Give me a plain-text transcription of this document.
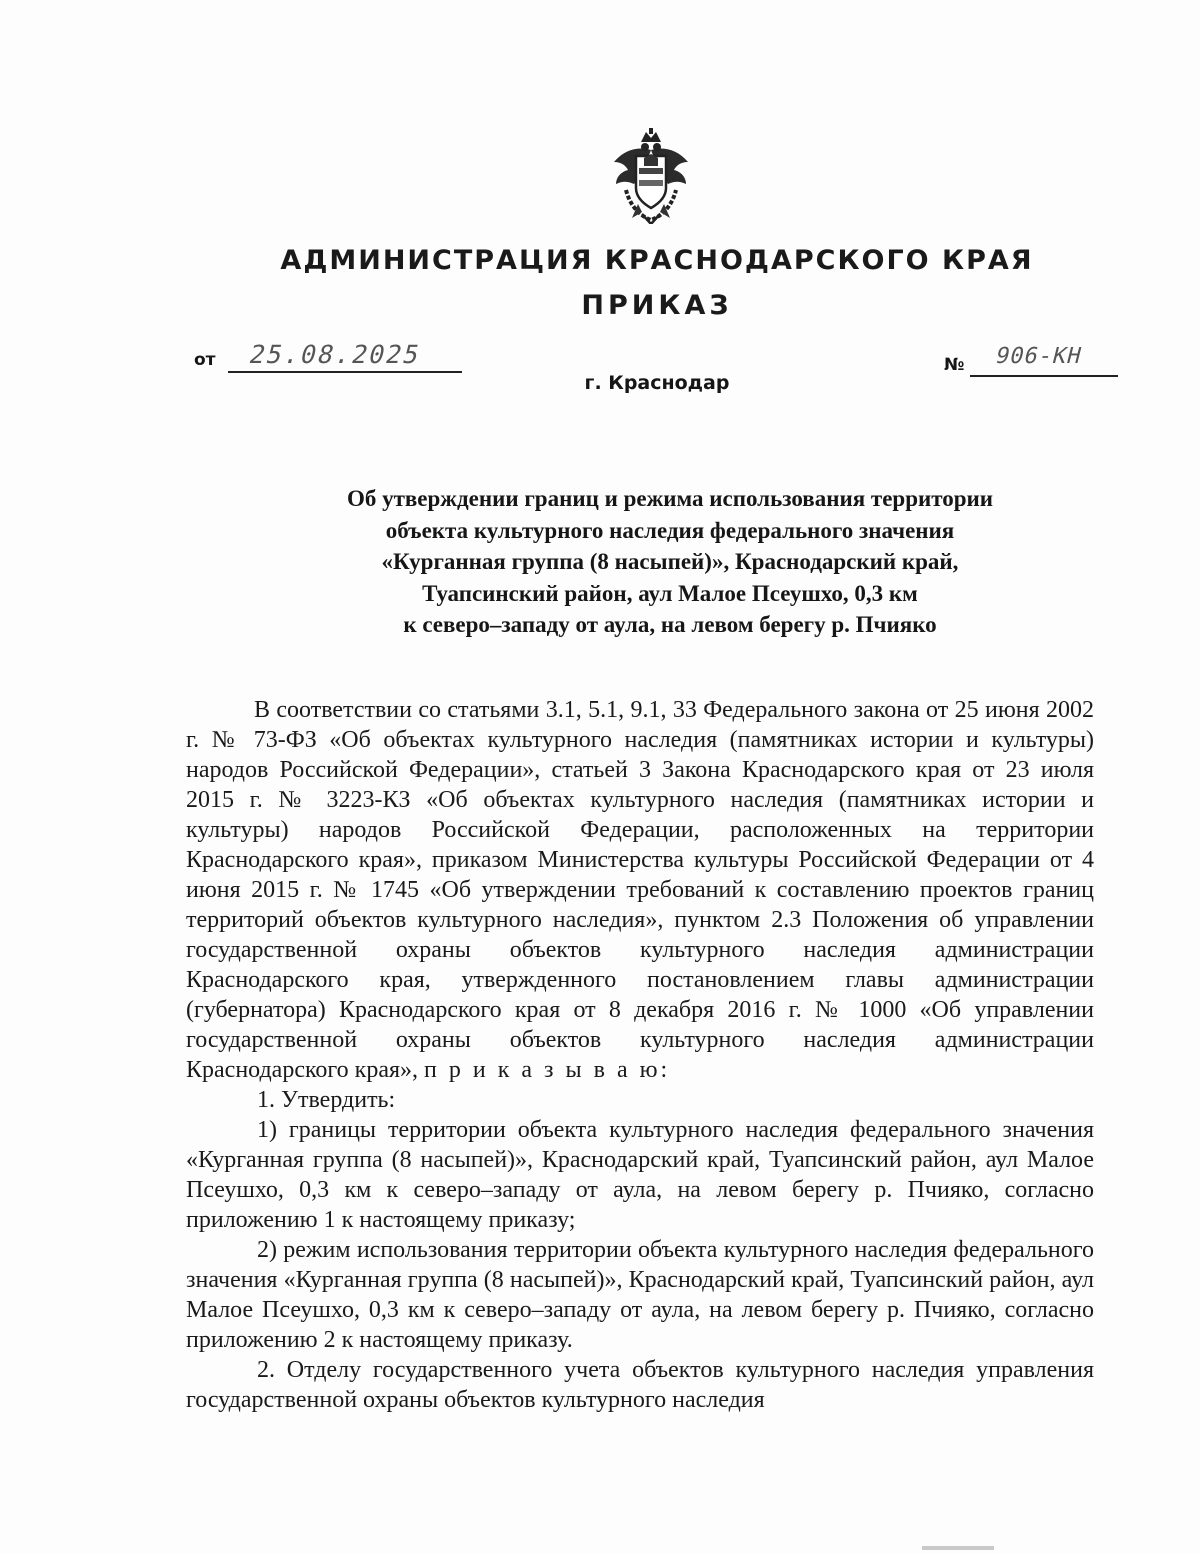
АДМИНИСТРАЦИЯ КРАСНОДАРСКОГО КРАЯ
ПРИКАЗ
от 25.08.2025	№ 906-КН
г. Краснодар
Об утверждении границ и режима использования территории
объекта культурного наследия федерального значения
«Курганная группа (8 насыпей)», Краснодарский край,
Туапсинский район, аул Малое Псеушхо, 0,3 км
к северо–западу от аула, на левом берегу р. Пчияко

В соответствии со статьями 3.1, 5.1, 9.1, 33 Федерального закона от 25 июня 2002 г. № 73-ФЗ «Об объектах культурного наследия (памятниках истории и культуры) народов Российской Федерации», статьей 3 Закона Краснодарского края от 23 июля 2015 г. № 3223-КЗ «Об объектах культурного наследия (памятниках истории и культуры) народов Российской Федерации, расположенных на территории Краснодарского края», приказом Министерства культуры Российской Федерации от 4 июня 2015 г. № 1745 «Об утверждении требований к составлению проектов границ территорий объектов культурного наследия», пунктом 2.3 Положения об управлении государственной охраны объектов культурного наследия администрации Краснодарского края, утвержденного постановлением главы администрации (губернатора) Краснодарского края от 8 декабря 2016 г. № 1000 «Об управлении государственной охраны объектов культурного наследия администрации Краснодарского края», п р и к а з ы в а ю:

1. Утвердить:

1) границы территории объекта культурного наследия федерального значения «Курганная группа (8 насыпей)», Краснодарский край, Туапсинский район, аул Малое Псеушхо, 0,3 км к северо–западу от аула, на левом берегу р. Пчияко, согласно приложению 1 к настоящему приказу;

2) режим использования территории объекта культурного наследия федерального значения «Курганная группа (8 насыпей)», Краснодарский край, Туапсинский район, аул Малое Псеушхо, 0,3 км к северо–западу от аула, на левом берегу р. Пчияко, согласно приложению 2 к настоящему приказу.

2. Отделу государственного учета объектов культурного наследия управления государственной охраны объектов культурного наследия
